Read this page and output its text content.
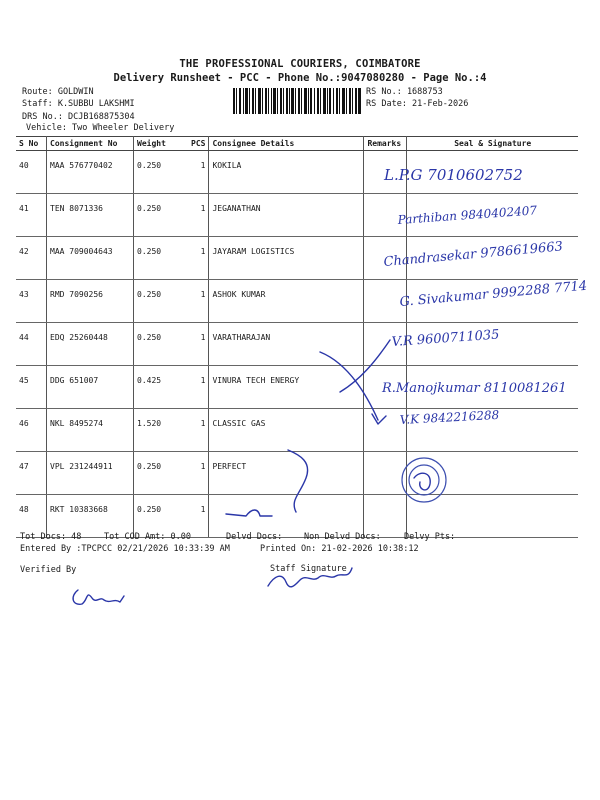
THE PROFESSIONAL COURIERS, COIMBATORE
Delivery Runsheet - PCC - Phone No.:9047080280 - Page No.:4
Route: GOLDWIN
Staff: K.SUBBU LAKSHMI
DRS No.: DCJB168875304
Vehicle: Two Wheeler Delivery
RS No.: 1688753
RS Date: 21-Feb-2026
S No	Consignment No	Weight	PCS	Consignee Details	Remarks	Seal & Signature
40	MAA 576770402	0.250	1	KOKILA		
41	TEN 8071336	0.250	1	JEGANATHAN		
42	MAA 709004643	0.250	1	JAYARAM LOGISTICS		
43	RMD 7090256	0.250	1	ASHOK KUMAR		
44	EDQ 25260448	0.250	1	VARATHARAJAN		
45	DDG 651007	0.425	1	VINURA TECH ENERGY		
46	NKL 8495274	1.520	1	CLASSIC GAS		
47	VPL 231244911	0.250	1	PERFECT		
48	RKT 10383668	0.250	1			
Tot Docs: 48	Tot COD Amt: 0.00	Delvd Docs:	Non Delvd Docs:	Delvy Pts:
Entered By :TPCPCC 02/21/2026 10:33:39 AM	Printed On: 21-02-2026 10:38:12
Verified By	Staff Signature
L.P.G 7010602752
Parthiban 9840402407
Chandrasekar 9786619663
G. Sivakumar 9992288 7714
V.R 9600711035
R.Manojkumar 8110081261
V.K 9842216288
